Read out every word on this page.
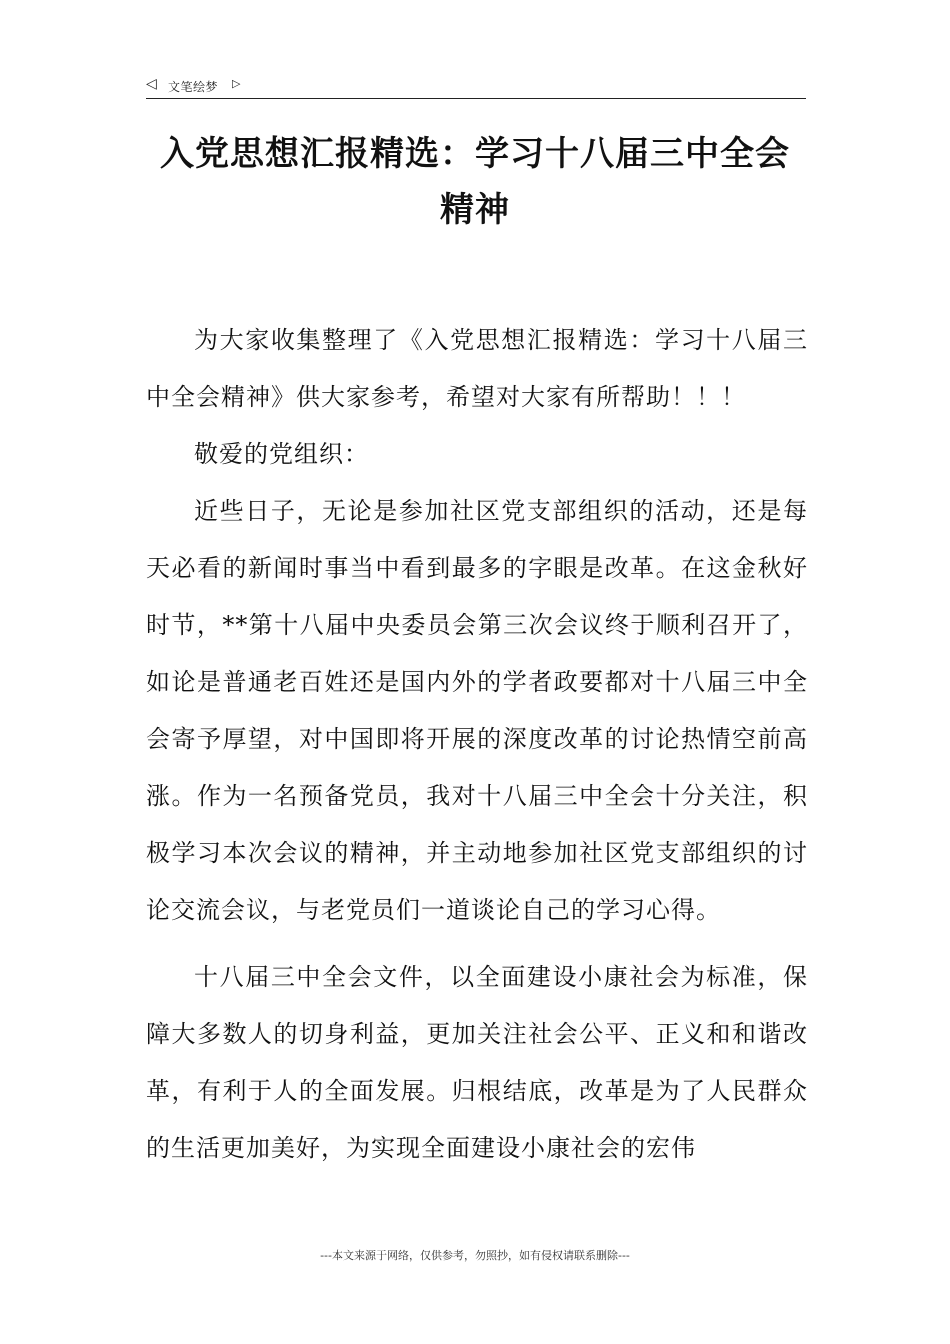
◁ 文笔绘梦 ▷
入党思想汇报精选：学习十八届三中全会
精神

为大家收集整理了《入党思想汇报精选：学习十八届三中全会精神》供大家参考，希望对大家有所帮助！！！

敬爱的党组织：

近些日子，无论是参加社区党支部组织的活动，还是每天必看的新闻时事当中看到最多的字眼是改革。在这金秋好时节，**第十八届中央委员会第三次会议终于顺利召开了，如论是普通老百姓还是国内外的学者政要都对十八届三中全会寄予厚望，对中国即将开展的深度改革的讨论热情空前高涨。作为一名预备党员，我对十八届三中全会十分关注，积极学习本次会议的精神，并主动地参加社区党支部组织的讨论交流会议，与老党员们一道谈论自己的学习心得。

十八届三中全会文件，以全面建设小康社会为标准，保障大多数人的切身利益，更加关注社会公平、正义和和谐改革，有利于人的全面发展。归根结底，改革是为了人民群众的生活更加美好，为实现全面建设小康社会的宏伟

---本文来源于网络，仅供参考，勿照抄，如有侵权请联系删除---
